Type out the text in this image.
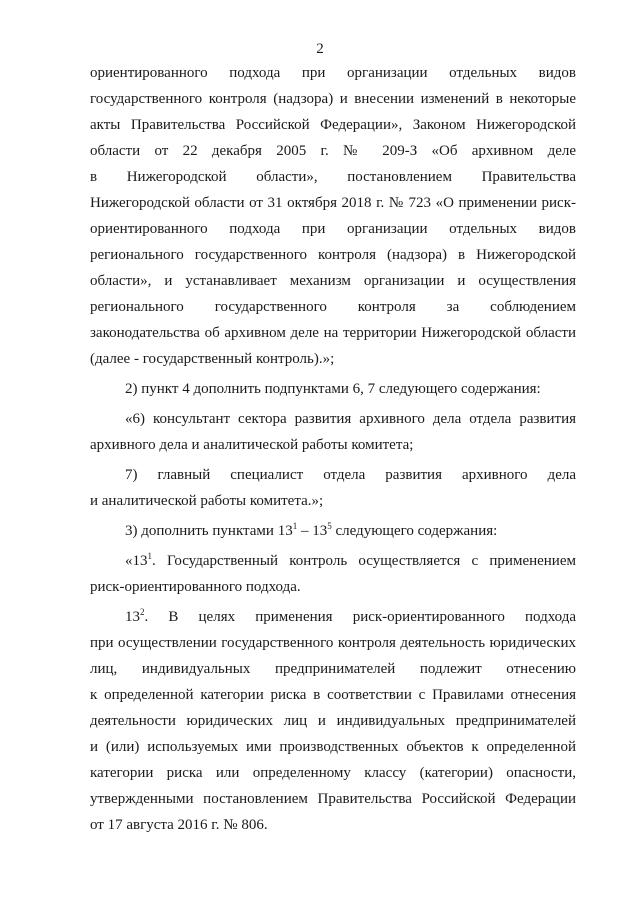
2
ориентированного подхода при организации отдельных видов
государственного контроля (надзора) и внесении изменений в некоторые
акты Правительства Российской Федерации», Законом Нижегородской
области от 22 декабря 2005 г. № 209-З «Об архивном деле
в Нижегородской области», постановлением Правительства
Нижегородской области от 31 октября 2018 г. № 723 «О применении риск-
ориентированного подхода при организации отдельных видов
регионального государственного контроля (надзора) в Нижегородской
области», и устанавливает механизм организации и осуществления
регионального государственного контроля за соблюдением
законодательства об архивном деле на территории Нижегородской области
(далее - государственный контроль).»;
2) пункт 4 дополнить подпунктами 6, 7 следующего содержания:
«6) консультант сектора развития архивного дела отдела развития
архивного дела и аналитической работы комитета;
7) главный специалист отдела развития архивного дела
и аналитической работы комитета.»;
3) дополнить пунктами $13^1 - 13^5$ следующего содержания:
«$13^1$. Государственный контроль осуществляется с применением
риск-ориентированного подхода.
$13^2$. В целях применения риск-ориентированного подхода
при осуществлении государственного контроля деятельность юридических
лиц, индивидуальных предпринимателей подлежит отнесению
к определенной категории риска в соответствии с Правилами отнесения
деятельности юридических лиц и индивидуальных предпринимателей
и (или) используемых ими производственных объектов к определенной
категории риска или определенному классу (категории) опасности,
утвержденными постановлением Правительства Российской Федерации
от 17 августа 2016 г. № 806.
